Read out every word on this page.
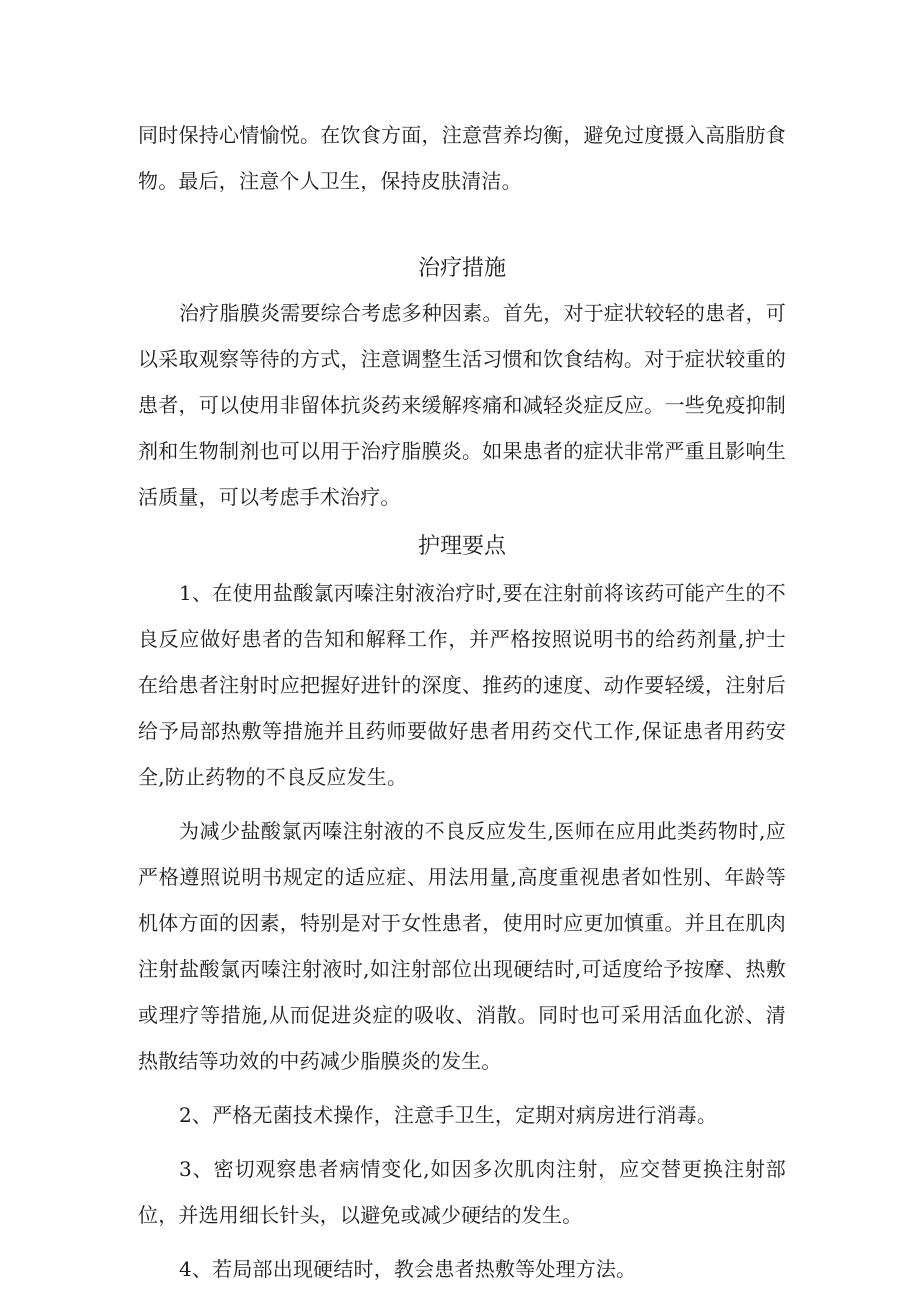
同时保持心情愉悦。在饮食方面，注意营养均衡，避免过度摄入高脂肪食物。最后，注意个人卫生，保持皮肤清洁。

治疗措施

治疗脂膜炎需要综合考虑多种因素。首先，对于症状较轻的患者，可以采取观察等待的方式，注意调整生活习惯和饮食结构。对于症状较重的患者，可以使用非留体抗炎药来缓解疼痛和减轻炎症反应。一些免疫抑制剂和生物制剂也可以用于治疗脂膜炎。如果患者的症状非常严重且影响生活质量，可以考虑手术治疗。

护理要点

1、在使用盐酸氯丙嗪注射液治疗时,要在注射前将该药可能产生的不良反应做好患者的告知和解释工作，并严格按照说明书的给药剂量,护士在给患者注射时应把握好进针的深度、推药的速度、动作要轻缓，注射后给予局部热敷等措施并且药师要做好患者用药交代工作,保证患者用药安全,防止药物的不良反应发生。

为减少盐酸氯丙嗪注射液的不良反应发生,医师在应用此类药物时,应严格遵照说明书规定的适应症、用法用量,高度重视患者如性别、年龄等机体方面的因素，特别是对于女性患者，使用时应更加慎重。并且在肌肉注射盐酸氯丙嗪注射液时,如注射部位出现硬结时,可适度给予按摩、热敷或理疗等措施,从而促进炎症的吸收、消散。同时也可采用活血化淤、清热散结等功效的中药减少脂膜炎的发生。

2、严格无菌技术操作，注意手卫生，定期对病房进行消毒。

3、密切观察患者病情变化,如因多次肌肉注射，应交替更换注射部位，并选用细长针头，以避免或减少硬结的发生。

4、若局部出现硬结时，教会患者热敷等处理方法。
